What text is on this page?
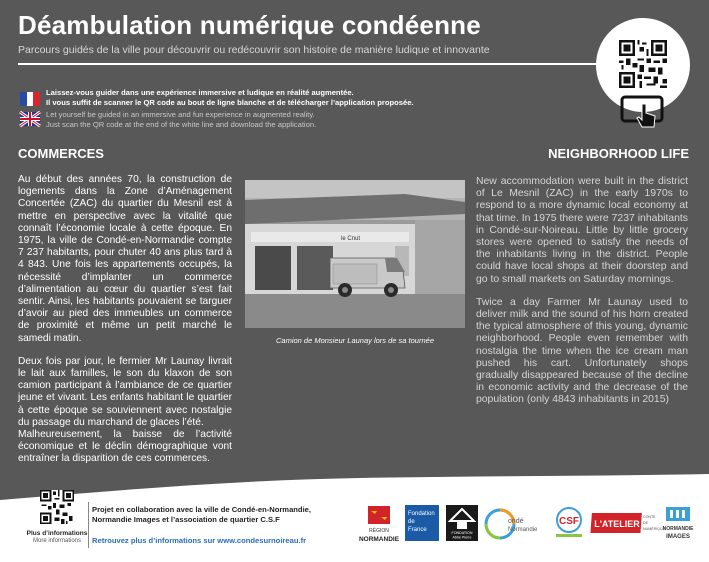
Déambulation numérique condéenne
Parcours guidés de la ville pour découvrir ou redécouvrir son histoire de manière ludique et innovante
Laissez-vous guider dans une expérience immersive et ludique en réalité augmentée.
Il vous suffit de scanner le QR code au bout de ligne blanche et de télécharger l’application proposée.
Let yourself be guided in an immersive and fun experience in augmented reality.
Just scan the QR code at the end of the white line and download the application.
COMMERCES	NEIGHBORHOOD LIFE

Au début des années 70, la construction de logements dans la Zone d’Aménagement Concertée (ZAC) du quartier du Mesnil est à mettre en perspective avec la vitalité que connaît l’économie locale à cette époque. En 1975, la ville de Condé-en-Normandie compte 7 237 habitants, pour chuter 40 ans plus tard à 4 843. Une fois les appartements occupés, la nécessité d’implanter un commerce d’alimentation au cœur du quartier s’est fait sentir. Ainsi, les habitants pouvaient se targuer d’avoir au pied des immeubles un commerce de proximité et même un petit marché le samedi matin.

Deux fois par jour, le fermier Mr Launay livrait le lait aux familles, le son du klaxon de son camion participant à l’ambiance de ce quartier jeune et vivant. Les enfants habitant le quartier à cette époque se souviennent avec nostalgie du passage du marchand de glaces l’été.

Malheureusement, la baisse de l’activité économique et le déclin démographique vont entraîner la disparition de ces commerces.

le Cnut
Camion de Monsieur Launay lors de sa tournée

New accommodation were built in the district of Le Mesnil (ZAC) in the early 1970s to respond to a more dynamic local economy at that time. In 1975 there were 7237 inhabitants in Condé-sur-Noireau. Little by little grocery stores were opened to satisfy the needs of the inhabitants living in the district. People could have local shops at their doorstep and go to small markets on Saturday mornings.

Twice a day Farmer Mr Launay used to deliver milk and the sound of his horn created the typical atmosphere of this young, dynamic neighborhood. People even remember with nostalgia the time when the ice cream man pushed his cart. Unfortunately shops gradually disappeared because of the decline in economic activity and the decrease of the population (only 4843 inhabitants in 2015)

Plus d’informations
More informations
Projet en collaboration avec la ville de Condé-en-Normandie,
Normandie Images et l’association de quartier C.S.F
Retrouvez plus d’informations sur www.condesurnoireau.fr
RÉGION
NORMANDIE
Fondation
de
France	FONDATION
Abbé Pierre
ondé
Normandie
CSF L'ATELIER
CONTE
DE
NUMÉRIQUE
NORMANDIE
IMAGES
